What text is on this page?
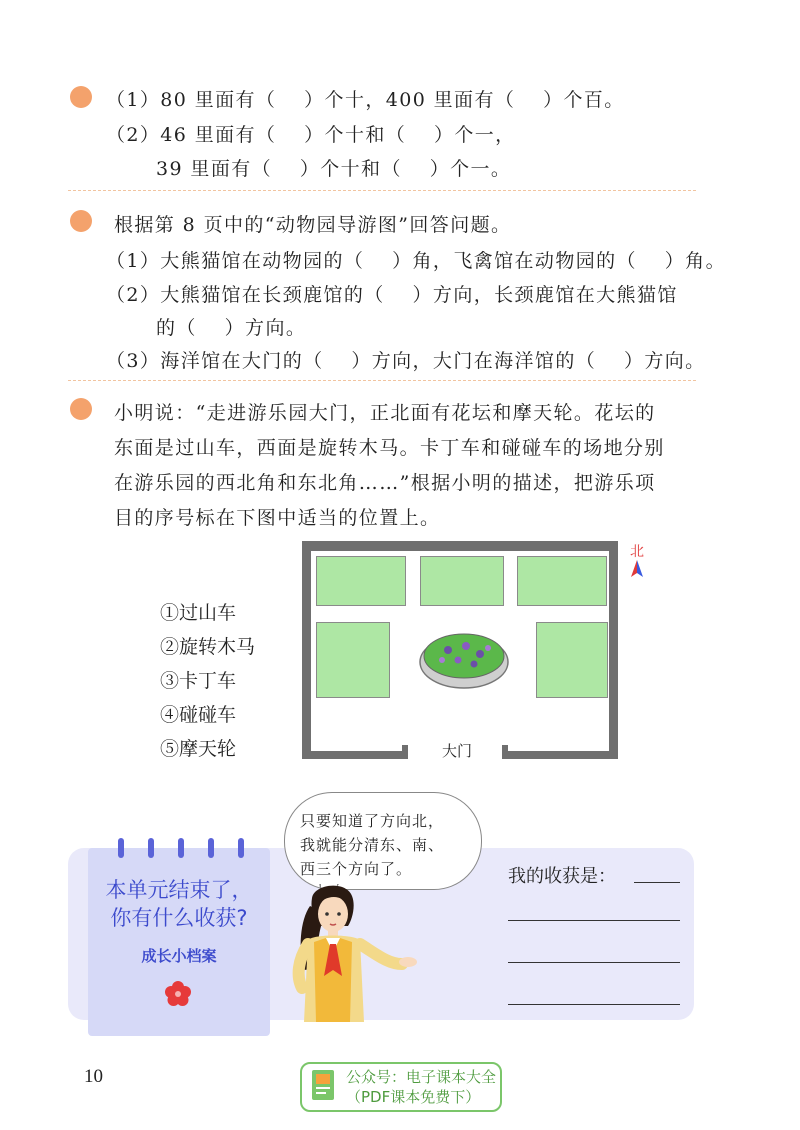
（1）80 里面有（　 ）个十，400 里面有（　 ）个百。
（2）46 里面有（　 ）个十和（　 ）个一，
39 里面有（　 ）个十和（　 ）个一。
根据第 8 页中的“动物园导游图”回答问题。
（1）大熊猫馆在动物园的（　 ）角，飞禽馆在动物园的（　 ）角。
（2）大熊猫馆在长颈鹿馆的（　 ）方向，长颈鹿馆在大熊猫馆
的（　 ）方向。
（3）海洋馆在大门的（　 ）方向，大门在海洋馆的（　 ）方向。
小明说：“走进游乐园大门，正北面有花坛和摩天轮。花坛的
东面是过山车，西面是旋转木马。卡丁车和碰碰车的场地分别
在游乐园的西北角和东北角……”根据小明的描述，把游乐项
目的序号标在下图中适当的位置上。
北
大门
①过山车
②旋转木马
③卡丁车
④碰碰车
⑤摩天轮
本单元结束了，
你有什么收获?
成长小档案
只要知道了方向北，
我就能分清东、南、
西三个方向了。	我的收获是：
10	公众号：电子课本大全
（PDF课本免费下）
